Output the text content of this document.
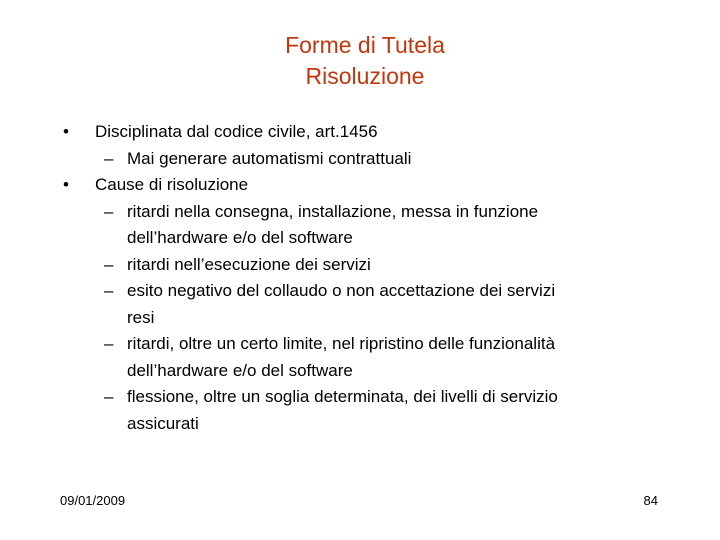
Forme di Tutela
Risoluzione
• Disciplinata dal codice civile, art.1456
– Mai generare automatismi contrattuali
• Cause di risoluzione
– ritardi nella consegna, installazione, messa in funzione
dell’hardware e/o del software
– ritardi nell’esecuzione dei servizi
– esito negativo del collaudo o non accettazione dei servizi
resi
– ritardi, oltre un certo limite, nel ripristino delle funzionalità
dell’hardware e/o del software
– flessione, oltre un soglia determinata, dei livelli di servizio
assicurati
09/01/2009	84
